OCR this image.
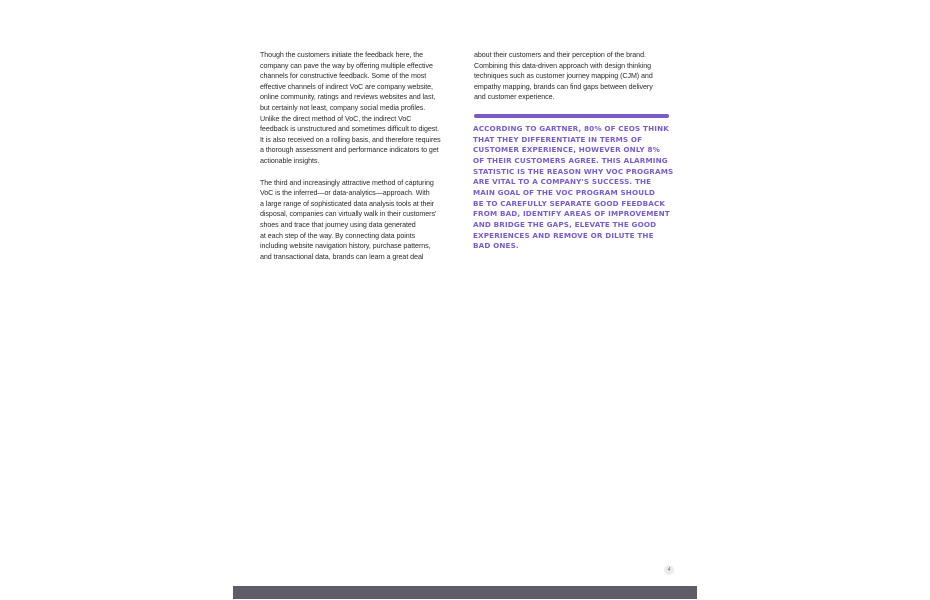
Though the customers initiate the feedback here, the
company can pave the way by offering multiple effective
channels for constructive feedback. Some of the most
effective channels of indirect VoC are company website,
online community, ratings and reviews websites and last,
but certainly not least, company social media profiles.
Unlike the direct method of VoC, the indirect VoC
feedback is unstructured and sometimes difficult to digest.
It is also received on a rolling basis, and therefore requires
a thorough assessment and performance indicators to get
actionable insights.

The third and increasingly attractive method of capturing
VoC is the inferred—or data-analytics—approach. With
a large range of sophisticated data analysis tools at their
disposal, companies can virtually walk in their customers'
shoes and trace that journey using data generated
at each step of the way. By connecting data points
including website navigation history, purchase patterns,
and transactional data, brands can learn a great deal

about their customers and their perception of the brand.
Combining this data-driven approach with design thinking
techniques such as customer journey mapping (CJM) and
empathy mapping, brands can find gaps between delivery
and customer experience.

ACCORDING TO GARTNER, 80% OF CEOS THINK
THAT THEY DIFFERENTIATE IN TERMS OF
CUSTOMER EXPERIENCE, HOWEVER ONLY 8%
OF THEIR CUSTOMERS AGREE. THIS ALARMING
STATISTIC IS THE REASON WHY VOC PROGRAMS
ARE VITAL TO A COMPANY'S SUCCESS. THE
MAIN GOAL OF THE VOC PROGRAM SHOULD
BE TO CAREFULLY SEPARATE GOOD FEEDBACK
FROM BAD, IDENTIFY AREAS OF IMPROVEMENT
AND BRIDGE THE GAPS, ELEVATE THE GOOD
EXPERIENCES AND REMOVE OR DILUTE THE
BAD ONES.
4
